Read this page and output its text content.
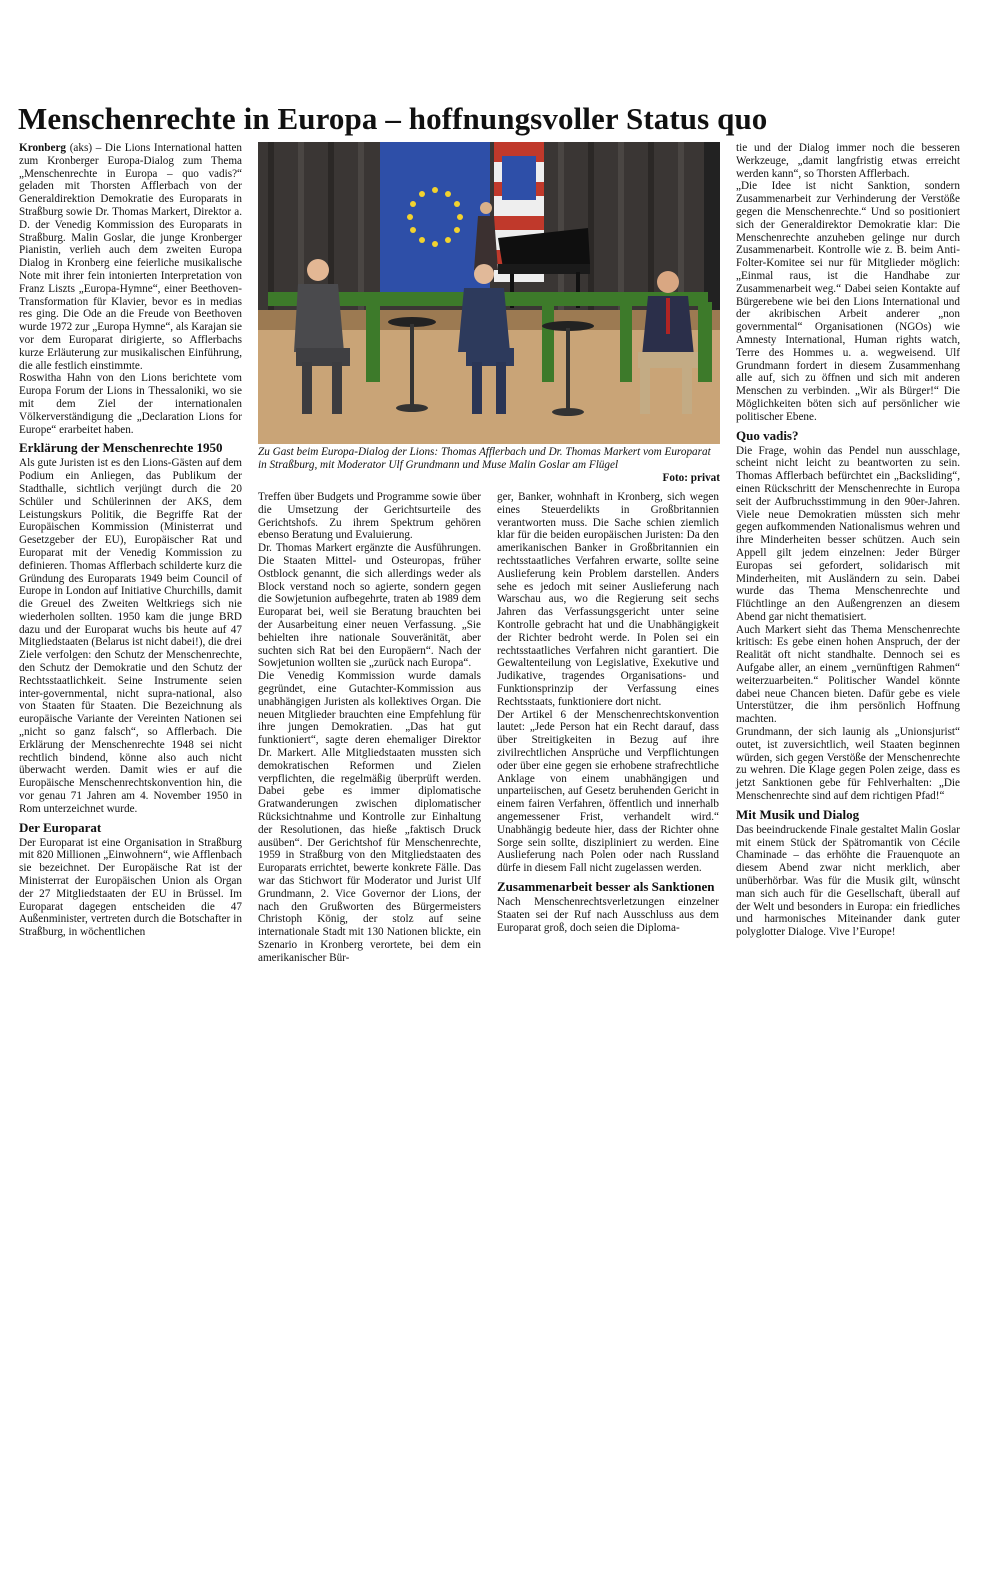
Menschenrechte in Europa – hoffnungsvoller Status quo

Kronberg (aks) – Die Lions International hatten zum Kronberger Europa-Dialog zum Thema „Menschenrechte in Europa – quo vadis?“ geladen mit Thorsten Afflerbach von der Generaldirektion Demokratie des Europarats in Straßburg sowie Dr. Thomas Markert, Direktor a. D. der Venedig Kommission des Europarats in Straßburg. Malin Goslar, die junge Kronberger Pianistin, verlieh auch dem zweiten Europa Dialog in Kronberg eine feierliche musikalische Note mit ihrer fein intonierten Interpretation von Franz Liszts „Europa-Hymne“, einer Beethoven-Transformation für Klavier, bevor es in medias res ging. Die Ode an die Freude von Beethoven wurde 1972 zur „Europa Hymne“, als Karajan sie vor dem Europarat dirigierte, so Afflerbachs kurze Erläuterung zur musikalischen Einführung, die alle festlich einstimmte.

Roswitha Hahn von den Lions berichtete vom Europa Forum der Lions in Thessaloniki, wo sie mit dem Ziel der internationalen Völkerverständigung die „Declaration Lions for Europe“ erarbeitet haben.

Erklärung der Menschenrechte 1950

Als gute Juristen ist es den Lions-Gästen auf dem Podium ein Anliegen, das Publikum der Stadthalle, sichtlich verjüngt durch die 20 Schüler und Schülerinnen der AKS, dem Leistungskurs Politik, die Begriffe Rat der Europäischen Kommission (Ministerrat und Gesetzgeber der EU), Europäischer Rat und Europarat mit der Venedig Kommission zu definieren. Thomas Afflerbach schilderte kurz die Gründung des Europarats 1949 beim Council of Europe in London auf Initiative Churchills, damit die Greuel des Zweiten Weltkriegs sich nie wiederholen sollten. 1950 kam die junge BRD dazu und der Europarat wuchs bis heute auf 47 Mitgliedstaaten (Belarus ist nicht dabei!), die drei Ziele verfolgen: den Schutz der Menschenrechte, den Schutz der Demokratie und den Schutz der Rechtsstaatlichkeit. Seine Instrumente seien inter-governmental, nicht supra-national, also von Staaten für Staaten. Die Bezeichnung als europäische Variante der Vereinten Nationen sei „nicht so ganz falsch“, so Afflerbach. Die Erklärung der Menschenrechte 1948 sei nicht rechtlich bindend, könne also auch nicht überwacht werden. Damit wies er auf die Europäische Menschenrechtskonvention hin, die vor genau 71 Jahren am 4. November 1950 in Rom unterzeichnet wurde.

Der Europarat

Der Europarat ist eine Organisation in Straßburg mit 820 Millionen „Einwohnern“, wie Afflenbach sie bezeichnet. Der Europäische Rat ist der Ministerrat der Europäischen Union als Organ der 27 Mitgliedstaaten der EU in Brüssel. Im Europarat dagegen entscheiden die 47 Außenminister, vertreten durch die Botschafter in Straßburg, in wöchentlichen

Zu Gast beim Europa-Dialog der Lions: Thomas Afflerbach und Dr. Thomas Markert vom Europarat in Straßburg, mit Moderator Ulf Grundmann und Muse Malin Goslar am Flügel
Foto: privat

Treffen über Budgets und Programme sowie über die Umsetzung der Gerichtsurteile des Gerichtshofs. Zu ihrem Spektrum gehören ebenso Beratung und Evaluierung.

Dr. Thomas Markert ergänzte die Ausführungen. Die Staaten Mittel- und Osteuropas, früher Ostblock genannt, die sich allerdings weder als Block verstand noch so agierte, sondern gegen die Sowjetunion aufbegehrte, traten ab 1989 dem Europarat bei, weil sie Beratung brauchten bei der Ausarbeitung einer neuen Verfassung. „Sie behielten ihre nationale Souveränität, aber suchten sich Rat bei den Europäern“. Nach der Sowjetunion wollten sie „zurück nach Europa“.

Die Venedig Kommission wurde damals gegründet, eine Gutachter-Kommission aus unabhängigen Juristen als kollektives Organ. Die neuen Mitglieder brauchten eine Empfehlung für ihre jungen Demokratien. „Das hat gut funktioniert“, sagte deren ehemaliger Direktor Dr. Markert. Alle Mitgliedstaaten mussten sich demokratischen Reformen und Zielen verpflichten, die regelmäßig überprüft werden. Dabei gebe es immer diplomatische Gratwanderungen zwischen diplomatischer Rücksichtnahme und Kontrolle zur Einhaltung der Resolutionen, das hieße „faktisch Druck ausüben“. Der Gerichtshof für Menschenrechte, 1959 in Straßburg von den Mitgliedstaaten des Europarats errichtet, bewerte konkrete Fälle. Das war das Stichwort für Moderator und Jurist Ulf Grundmann, 2. Vice Governor der Lions, der nach den Grußworten des Bürgermeisters Christoph König, der stolz auf seine internationale Stadt mit 130 Nationen blickte, ein Szenario in Kronberg verortete, bei dem ein amerikanischer Bür-

ger, Banker, wohnhaft in Kronberg, sich wegen eines Steuerdelikts in Großbritannien verantworten muss. Die Sache schien ziemlich klar für die beiden europäischen Juristen: Da den amerikanischen Banker in Großbritannien ein rechtsstaatliches Verfahren erwarte, sollte seine Auslieferung kein Problem darstellen. Anders sehe es jedoch mit seiner Auslieferung nach Warschau aus, wo die Regierung seit sechs Jahren das Verfassungsgericht unter seine Kontrolle gebracht hat und die Unabhängigkeit der Richter bedroht werde. In Polen sei ein rechtsstaatliches Verfahren nicht garantiert. Die Gewaltenteilung von Legislative, Exekutive und Judikative, tragendes Organisations- und Funktionsprinzip der Verfassung eines Rechtsstaats, funktioniere dort nicht.

Der Artikel 6 der Menschenrechtskonvention lautet: „Jede Person hat ein Recht darauf, dass über Streitigkeiten in Bezug auf ihre zivilrechtlichen Ansprüche und Verpflichtungen oder über eine gegen sie erhobene strafrechtliche Anklage von einem unabhängigen und unparteiischen, auf Gesetz beruhenden Gericht in einem fairen Verfahren, öffentlich und innerhalb angemessener Frist, verhandelt wird.“ Unabhängig bedeute hier, dass der Richter ohne Sorge sein sollte, diszipliniert zu werden. Eine Auslieferung nach Polen oder nach Russland dürfe in diesem Fall nicht zugelassen werden.

Zusammenarbeit besser als Sanktionen

Nach Menschenrechtsverletzungen einzelner Staaten sei der Ruf nach Ausschluss aus dem Europarat groß, doch seien die Diploma-

tie und der Dialog immer noch die besseren Werkzeuge, „damit langfristig etwas erreicht werden kann“, so Thorsten Afflerbach.

„Die Idee ist nicht Sanktion, sondern Zusammenarbeit zur Verhinderung der Verstöße gegen die Menschenrechte.“ Und so positioniert sich der Generaldirektor Demokratie klar: Die Menschenrechte anzuheben gelinge nur durch Zusammenarbeit. Kontrolle wie z. B. beim Anti-Folter-Komitee sei nur für Mitglieder möglich: „Einmal raus, ist die Handhabe zur Zusammenarbeit weg.“ Dabei seien Kontakte auf Bürgerebene wie bei den Lions International und der akribischen Arbeit anderer „non governmental“ Organisationen (NGOs) wie Amnesty International, Human rights watch, Terre des Hommes u. a. wegweisend. Ulf Grundmann fordert in diesem Zusammenhang alle auf, sich zu öffnen und sich mit anderen Menschen zu verbinden. „Wir als Bürger!“ Die Möglichkeiten böten sich auf persönlicher wie politischer Ebene.

Quo vadis?

Die Frage, wohin das Pendel nun ausschlage, scheint nicht leicht zu beantworten zu sein. Thomas Afflerbach befürchtet ein „Backsliding“, einen Rückschritt der Menschenrechte in Europa seit der Aufbruchsstimmung in den 90er-Jahren. Viele neue Demokratien müssten sich mehr gegen aufkommenden Nationalismus wehren und ihre Minderheiten besser schützen. Auch sein Appell gilt jedem einzelnen: Jeder Bürger Europas sei gefordert, solidarisch mit Minderheiten, mit Ausländern zu sein. Dabei wurde das Thema Menschenrechte und Flüchtlinge an den Außengrenzen an diesem Abend gar nicht thematisiert.

Auch Markert sieht das Thema Menschenrechte kritisch: Es gebe einen hohen Anspruch, der der Realität oft nicht standhalte. Dennoch sei es Aufgabe aller, an einem „vernünftigen Rahmen“ weiterzuarbeiten.“ Politischer Wandel könnte dabei neue Chancen bieten. Dafür gebe es viele Unterstützer, die ihm persönlich Hoffnung machten.

Grundmann, der sich launig als „Unionsjurist“ outet, ist zuversichtlich, weil Staaten beginnen würden, sich gegen Verstöße der Menschenrechte zu wehren. Die Klage gegen Polen zeige, dass es jetzt Sanktionen gebe für Fehlverhalten: „Die Menschenrechte sind auf dem richtigen Pfad!“

Mit Musik und Dialog

Das beeindruckende Finale gestaltet Malin Goslar mit einem Stück der Spätromantik von Cécile Chaminade – das erhöhte die Frauenquote an diesem Abend zwar nicht merklich, aber unüberhörbar. Was für die Musik gilt, wünscht man sich auch für die Gesellschaft, überall auf der Welt und besonders in Europa: ein friedliches und harmonisches Miteinander dank guter polyglotter Dialoge. Vive l’Europe!
